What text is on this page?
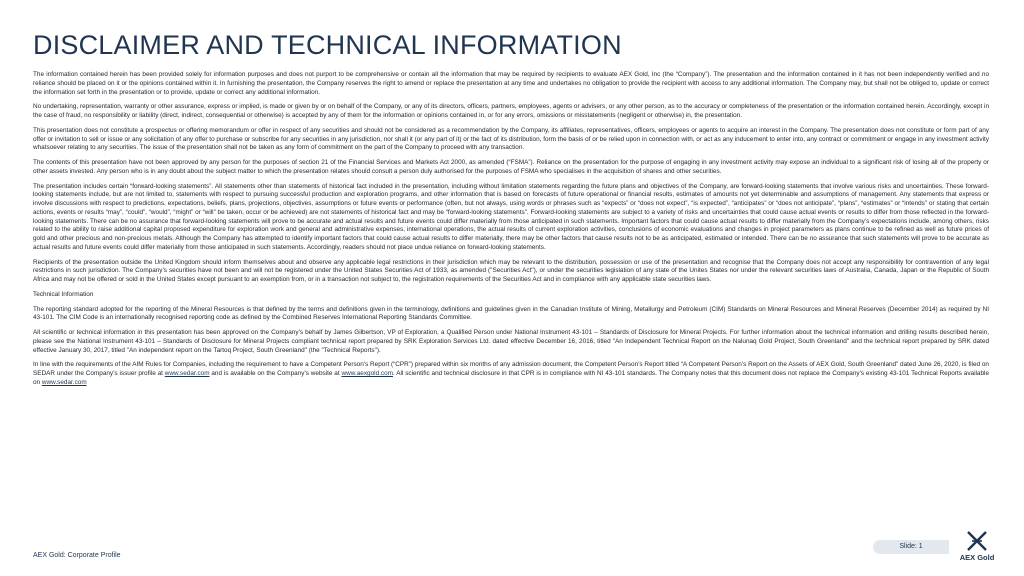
DISCLAIMER AND TECHNICAL INFORMATION

The information contained herein has been provided solely for information purposes and does not purport to be comprehensive or contain all the information that may be required by recipients to evaluate AEX Gold, Inc (the “Company”). The presentation and the information contained in it has not been independently verified and no reliance should be placed on it or the opinions contained within it. In furnishing the presentation, the Company reserves the right to amend or replace the presentation at any time and undertakes no obligation to provide the recipient with access to any additional information. The Company may, but shall not be obliged to, update or correct the information set forth in the presentation or to provide, update or correct any additional information.

No undertaking, representation, warranty or other assurance, express or implied, is made or given by or on behalf of the Company, or any of its directors, officers, partners, employees, agents or advisers, or any other person, as to the accuracy or completeness of the presentation or the information contained herein. Accordingly, except in the case of fraud, no responsibility or liability (direct, indirect, consequential or otherwise) is accepted by any of them for the information or opinions contained in, or for any errors, omissions or misstatements (negligent or otherwise) in, the presentation.

This presentation does not constitute a prospectus or offering memorandum or offer in respect of any securities and should not be considered as a recommendation by the Company, its affiliates, representatives, officers, employees or agents to acquire an interest in the Company. The presentation does not constitute or form part of any offer or invitation to sell or issue or any solicitation of any offer to purchase or subscribe for any securities in any jurisdiction, nor shall it (or any part of it) or the fact of its distribution, form the basis of or be relied upon in connection with, or act as any inducement to enter into, any contract or commitment or engage in any investment activity whatsoever relating to any securities. The issue of the presentation shall not be taken as any form of commitment on the part of the Company to proceed with any transaction.

The contents of this presentation have not been approved by any person for the purposes of section 21 of the Financial Services and Markets Act 2000, as amended (“FSMA”). Reliance on the presentation for the purpose of engaging in any investment activity may expose an individual to a significant risk of losing all of the property or other assets invested. Any person who is in any doubt about the subject matter to which the presentation relates should consult a person duly authorised for the purposes of FSMA who specialises in the acquisition of shares and other securities.

The presentation includes certain “forward-looking statements”. All statements other than statements of historical fact included in the presentation, including without limitation statements regarding the future plans and objectives of the Company, are forward-looking statements that involve various risks and uncertainties. These forward-looking statements include, but are not limited to, statements with respect to pursuing successful production and exploration programs, and other information that is based on forecasts of future operational or financial results, estimates of amounts not yet determinable and assumptions of management. Any statements that express or involve discussions with respect to predictions, expectations, beliefs, plans, projections, objectives, assumptions or future events or performance (often, but not always, using words or phrases such as “expects” or “does not expect”, “is expected”, “anticipates” or “does not anticipate”, “plans”, “estimates” or “intends” or stating that certain actions, events or results “may”, “could”, “would”, “might” or “will” be taken, occur or be achieved) are not statements of historical fact and may be “forward-looking statements”. Forward-looking statements are subject to a variety of risks and uncertainties that could cause actual events or results to differ from those reflected in the forward-looking statements. There can be no assurance that forward-looking statements will prove to be accurate and actual results and future events could differ materially from those anticipated in such statements. Important factors that could cause actual results to differ materially from the Company’s expectations include, among others, risks related to the ability to raise additional capital proposed expenditure for exploration work and general and administrative expenses, international operations, the actual results of current exploration activities, conclusions of economic evaluations and changes in project parameters as plans continue to be refined as well as future prices of gold and other precious and non-precious metals. Although the Company has attempted to identify important factors that could cause actual results to differ materially, there may be other factors that cause results not to be as anticipated, estimated or intended. There can be no assurance that such statements will prove to be accurate as actual results and future events could differ materially from those anticipated in such statements. Accordingly, readers should not place undue reliance on forward-looking statements.

Recipients of the presentation outside the United Kingdom should inform themselves about and observe any applicable legal restrictions in their jurisdiction which may be relevant to the distribution, possession or use of the presentation and recognise that the Company does not accept any responsibility for contravention of any legal restrictions in such jurisdiction. The Company’s securities have not been and will not be registered under the United States Securities Act of 1933, as amended ("Securities Act"), or under the securities legislation of any state of the Unites States nor under the relevant securities laws of Australia, Canada, Japan or the Republic of South Africa and may not be offered or sold in the United States except pursuant to an exemption from, or in a transaction not subject to, the registration requirements of the Securities Act and in compliance with any applicable state securities laws.

Technical Information

The reporting standard adopted for the reporting of the Mineral Resources is that defined by the terms and definitions given in the terminology, definitions and guidelines given in the Canadian Institute of Mining, Metallurgy and Petroleum (CIM) Standards on Mineral Resources and Mineral Reserves (December 2014) as required by NI 43-101. The CIM Code is an internationally recognised reporting code as defined by the Combined Reserves International Reporting Standards Committee.

All scientific or technical information in this presentation has been approved on the Company’s behalf by James Gilbertson, VP of Exploration, a Qualified Person under National Instrument 43-101 – Standards of Disclosure for Mineral Projects. For further information about the technical information and drilling results described herein, please see the National Instrument 43-101 – Standards of Disclosure for Mineral Projects compliant technical report prepared by SRK Exploration Services Ltd. dated effective December 16, 2016, titled "An Independent Technical Report on the Nalunaq Gold Project, South Greenland" and the technical report prepared by SRK dated effective January 30, 2017, titled "An independent report on the Tartoq Project, South Greenland" (the "Technical Reports").

In line with the requirements of the AIM Rules for Companies, including the requirement to have a Competent Person’s Report (“CPR”) prepared within six months of any admission document, the Competent Person’s Report titled “A Competent Person’s Report on the Assets of AEX Gold, South Greenland” dated June 26, 2020, is filed on SEDAR under the Company’s issuer profile at www.sedar.com and is available on the Company’s website at www.aexgold.com. All scientific and technical disclosure in that CPR is in compliance with NI 43-101 standards. The Company notes that this document does not replace the Company’s existing 43-101 Technical Reports available on www.sedar.com

AEX Gold: Corporate Profile
Slide: 1
AEX Gold
